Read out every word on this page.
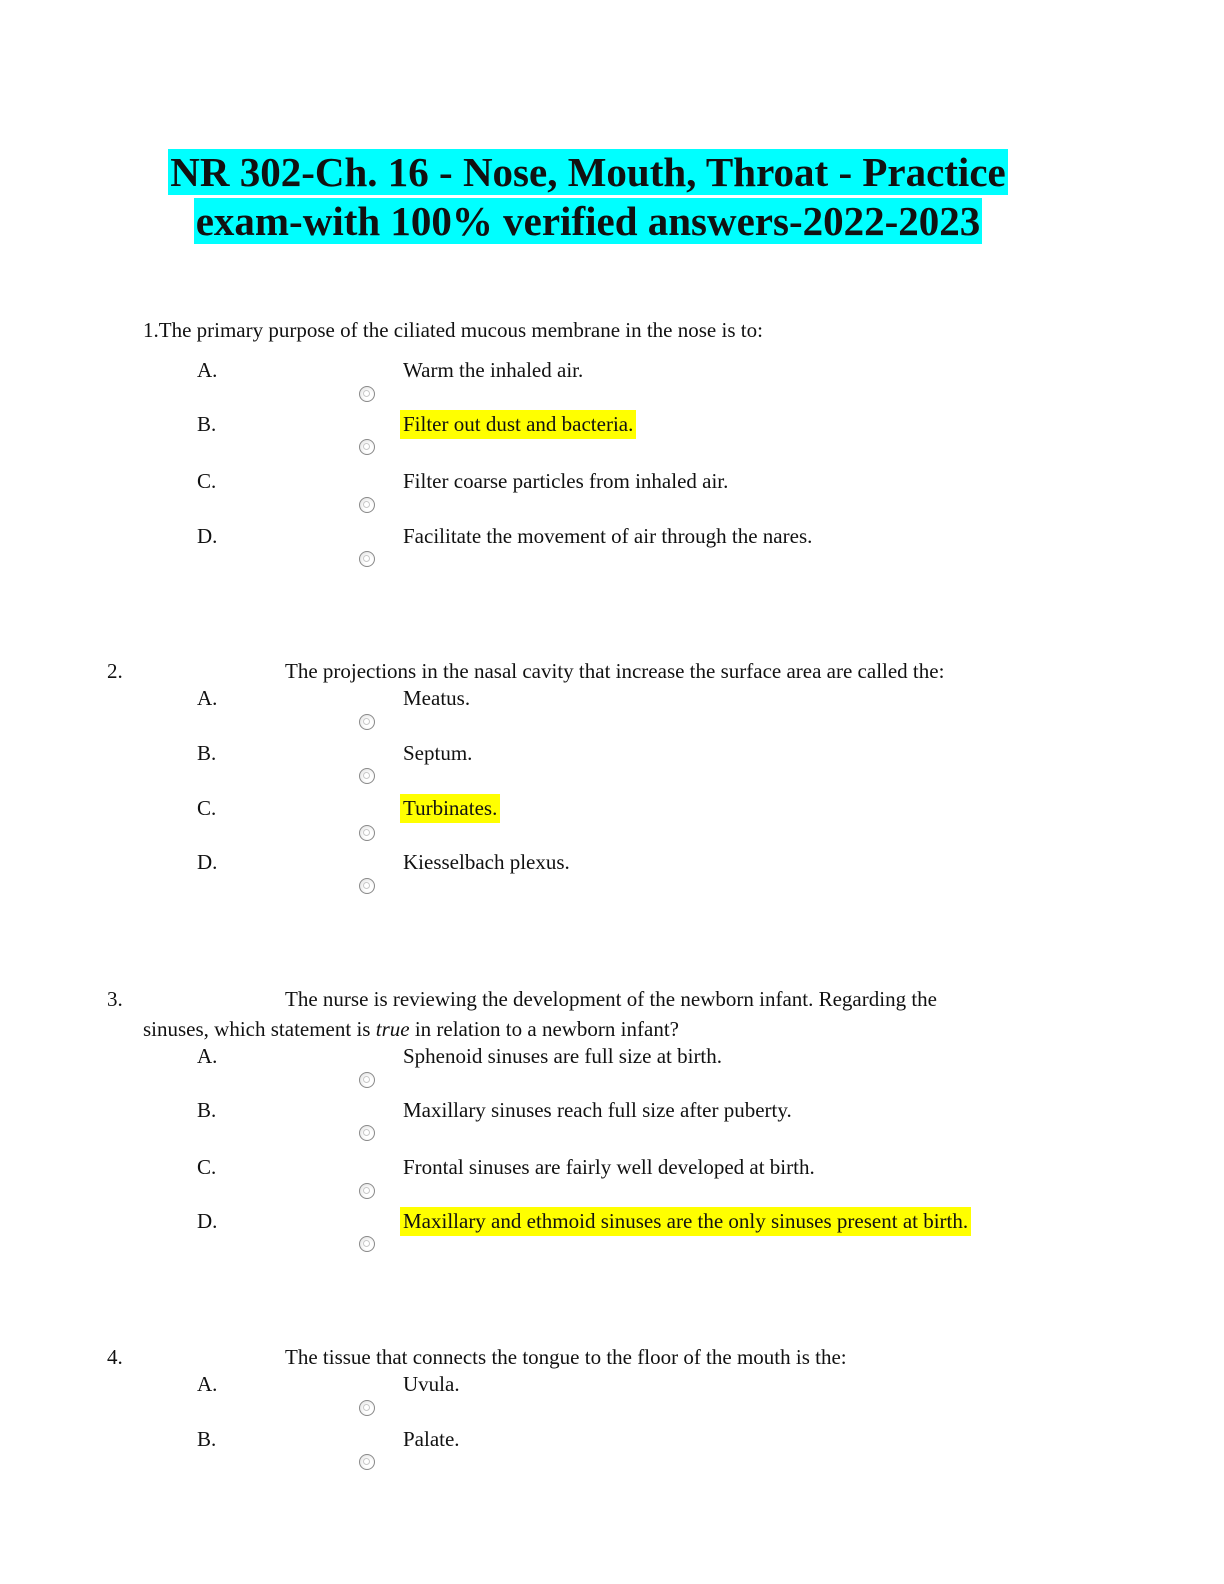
NR 302-Ch. 16 - Nose, Mouth, Throat - Practice
exam-with 100% verified answers-2022-2023
1.The primary purpose of the ciliated mucous membrane in the nose is to:
A.	Warm the inhaled air.
B.	Filter out dust and bacteria.
C.	Filter coarse particles from inhaled air.
D.	Facilitate the movement of air through the nares.
2.	The projections in the nasal cavity that increase the surface area are called the:
A.	Meatus.
B.	Septum.
C.	Turbinates.
D.	Kiesselbach plexus.
3.	The nurse is reviewing the development of the newborn infant. Regarding the
sinuses, which statement is true in relation to a newborn infant?
A.	Sphenoid sinuses are full size at birth.
B.	Maxillary sinuses reach full size after puberty.
C.	Frontal sinuses are fairly well developed at birth.
D.	Maxillary and ethmoid sinuses are the only sinuses present at birth.
4.	The tissue that connects the tongue to the floor of the mouth is the:
A.	Uvula.
B.	Palate.
